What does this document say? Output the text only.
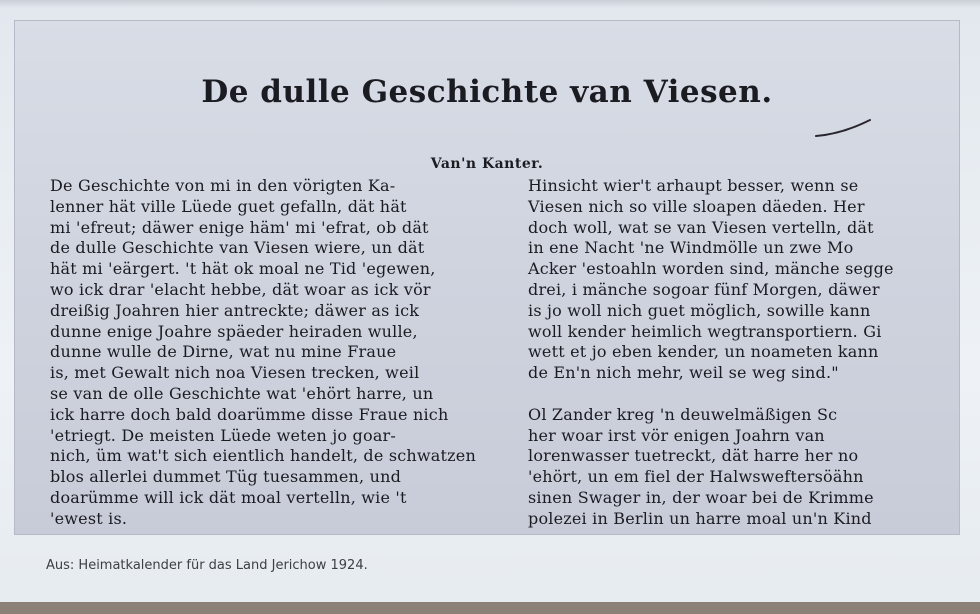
De dulle Geschichte van Viesen.
Van'n Kanter.
De Geschichte von mi in den vörigten Ka-
lenner hät ville Lüede guet gefalln, dät hät
mi 'efreut; däwer enige häm' mi 'efrat, ob dät
de dulle Geschichte van Viesen wiere, un dät
hät mi 'eärgert. 't hät ok moal ne Tid 'egewen,
wo ick drar 'elacht hebbe, dät woar as ick vör
dreißig Joahren hier antreckte; däwer as ick
dunne enige Joahre späeder heiraden wulle,
dunne wulle de Dirne, wat nu mine Fraue
is, met Gewalt nich noa Viesen trecken, weil
se van de olle Geschichte wat 'ehört harre, un
ick harre doch bald doarümme disse Fraue nich
'etriegt. De meisten Lüede weten jo goar-
nich, üm wat't sich eientlich handelt, de schwatzen
blos allerlei dummet Tüg tuesammen, und
doarümme will ick dät moal vertelln, wie 't
'ewest is.
Hinsicht wier't arhaupt besser, wenn se
Viesen nich so ville sloapen däeden. Her
doch woll, wat se van Viesen vertelln, dät
in ene Nacht 'ne Windmölle un zwe Mo
Acker 'estoahln worden sind, mänche segge
drei, i mänche sogoar fünf Morgen, däwer
is jo woll nich guet möglich, sowille kann
woll kender heimlich wegtransportiern. Gi
wett et jo eben kender, un noameten kann
de En'n nich mehr, weil se weg sind."
Ol Zander kreg 'n deuwelmäßigen Sc
her woar irst vör enigen Joahrn van
lorenwasser tuetreckt, dät harre her no
'ehört, un em fiel der Halwsweftersöähn
sinen Swager in, der woar bei de Krimme
polezei in Berlin un harre moal un'n Kind
Aus: Heimatkalender für das Land Jerichow 1924.
